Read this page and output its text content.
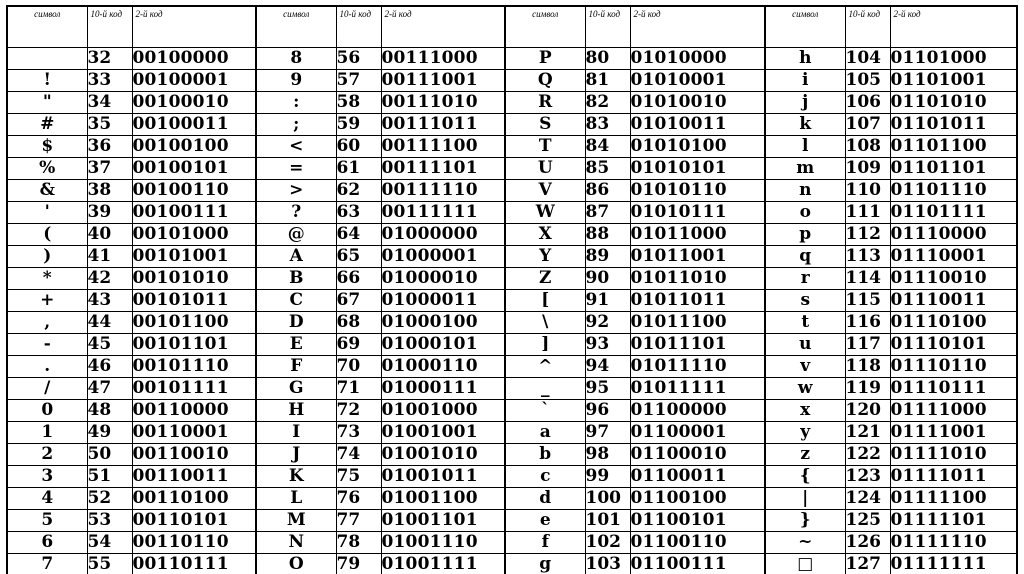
символ	10-й код	2-й код	символ	10-й код	2-й код	символ	10-й код	2-й код	символ	10-й код	2-й код
	32	00100000	8	56	00111000	P	80	01010000	h	104	01101000
!	33	00100001	9	57	00111001	Q	81	01010001	i	105	01101001
"	34	00100010	:	58	00111010	R	82	01010010	j	106	01101010
#	35	00100011	;	59	00111011	S	83	01010011	k	107	01101011
$	36	00100100	<	60	00111100	T	84	01010100	l	108	01101100
%	37	00100101	=	61	00111101	U	85	01010101	m	109	01101101
&	38	00100110	>	62	00111110	V	86	01010110	n	110	01101110
'	39	00100111	?	63	00111111	W	87	01010111	o	111	01101111
(	40	00101000	@	64	01000000	X	88	01011000	p	112	01110000
)	41	00101001	A	65	01000001	Y	89	01011001	q	113	01110001
*	42	00101010	B	66	01000010	Z	90	01011010	r	114	01110010
+	43	00101011	C	67	01000011	[	91	01011011	s	115	01110011
,	44	00101100	D	68	01000100	\	92	01011100	t	116	01110100
-	45	00101101	E	69	01000101	]	93	01011101	u	117	01110101
.	46	00101110	F	70	01000110	^	94	01011110	v	118	01110110
/	47	00101111	G	71	01000111	_	95	01011111	w	119	01110111
0	48	00110000	H	72	01001000	`	96	01100000	x	120	01111000
1	49	00110001	I	73	01001001	a	97	01100001	y	121	01111001
2	50	00110010	J	74	01001010	b	98	01100010	z	122	01111010
3	51	00110011	K	75	01001011	c	99	01100011	{	123	01111011
4	52	00110100	L	76	01001100	d	100	01100100	|	124	01111100
5	53	00110101	M	77	01001101	e	101	01100101	}	125	01111101
6	54	00110110	N	78	01001110	f	102	01100110	~	126	01111110
7	55	00110111	O	79	01001111	g	103	01100111	□	127	01111111
